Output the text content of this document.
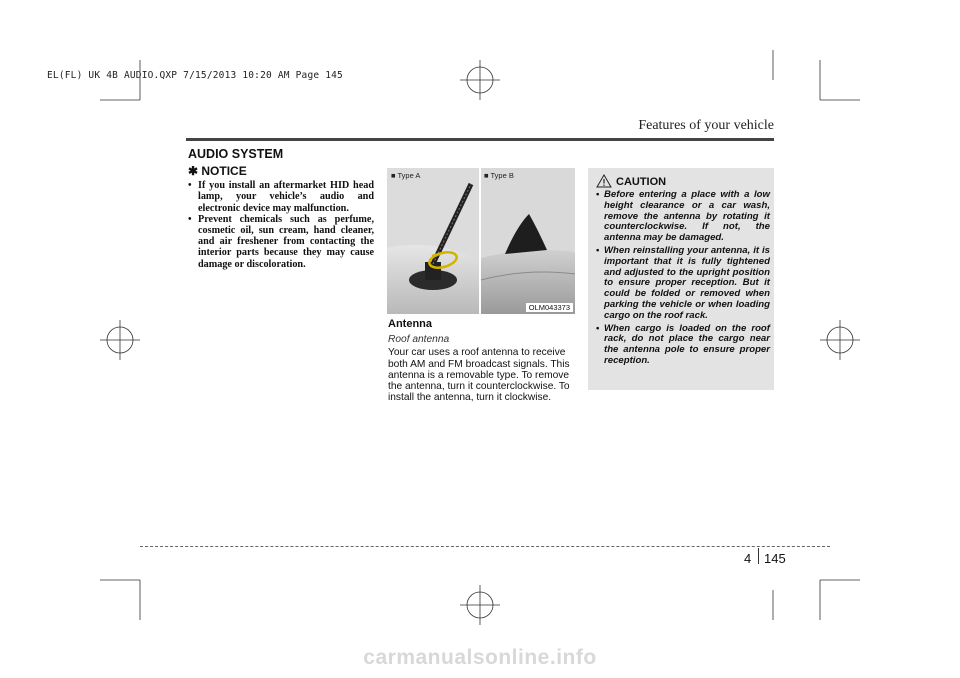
EL(FL) UK 4B AUDIO.QXP 7/15/2013 10:20 AM Page 145
Features of your vehicle
AUDIO SYSTEM
✱ NOTICE
• If you install an aftermarket HID head lamp, your vehicle’s audio and electronic device may malfunction.
• Prevent chemicals such as perfume, cosmetic oil, sun cream, hand cleaner, and air freshener from contacting the interior parts because they may cause damage or discoloration.
■ Type A	■ Type B
OLM043373
Antenna
Roof antenna

Your car uses a roof antenna to receive both AM and FM broadcast signals. This antenna is a removable type. To remove the antenna, turn it counterclockwise. To install the antenna, turn it clockwise.

CAUTION
• Before entering a place with a low height clearance or a car wash, remove the antenna by rotating it counterclockwise. If not, the antenna may be damaged.
• When reinstalling your antenna, it is important that it is fully tightened and adjusted to the upright position to ensure proper reception. But it could be folded or removed when parking the vehicle or when loading cargo on the roof rack.
• When cargo is loaded on the roof rack, do not place the cargo near the antenna pole to ensure proper reception.
4 145
carmanualsonline.info
